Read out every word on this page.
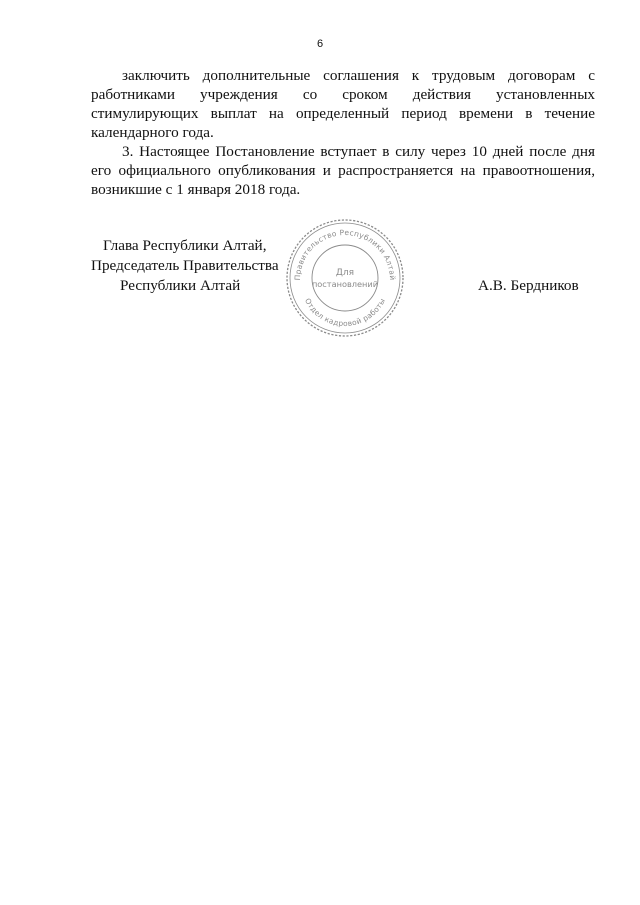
6

заключить дополнительные соглашения к трудовым договорам с работниками учреждения со сроком действия установленных стимулирующих выплат на определенный период времени в течение календарного года.

3. Настоящее Постановление вступает в силу через 10 дней после дня его официального опубликования и распространяется на правоотношения, возникшие с 1 января 2018 года.

Глава Республики Алтай,
Председатель Правительства
Республики Алтай	А.В. Бердников
Правительство Республики Алтай
Отдел кадровой работы
Для
постановлений
